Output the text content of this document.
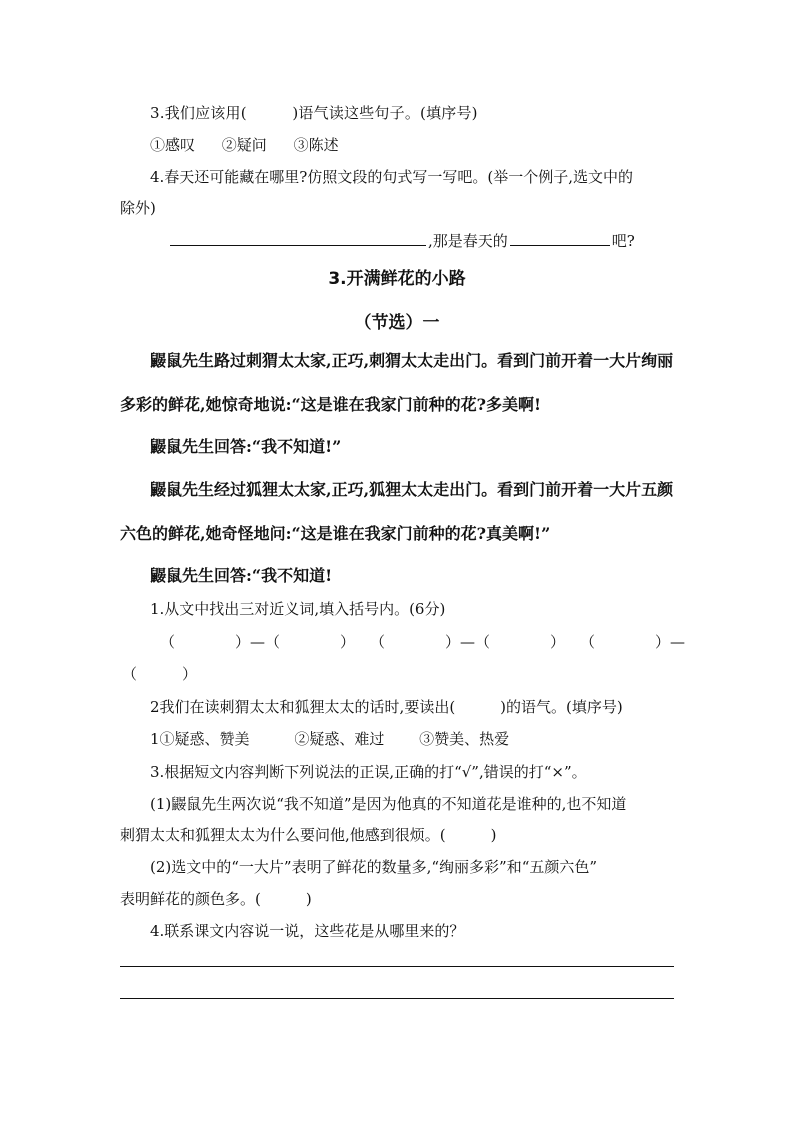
3.我们应该用(　　　)语气读这些句子。(填序号)
①感叹 ②疑问 ③陈述
4.春天还可能藏在哪里?仿照文段的句式写一写吧。(举一个例子,选文中的
除外)
,那是春天的	吧?
3.开满鲜花的小路
（节选）一
鼹鼠先生路过刺猬太太家,正巧,刺猬太太走出门。看到门前开着一大片绚丽
多彩的鲜花,她惊奇地说:“这是谁在我家门前种的花?多美啊!
鼹鼠先生回答:“我不知道!”
鼹鼠先生经过狐狸太太家,正巧,狐狸太太走出门。看到门前开着一大片五颜
六色的鲜花,她奇怪地问:“这是谁在我家门前种的花?真美啊!”
鼹鼠先生回答:“我不知道!
1.从文中找出三对近义词,填入括号内。(6分)
（　　　　）—（　　　　）　　（　　　　）—（　　　　）　　（　　　　）—
（　　　）
2我们在读刺猬太太和狐狸太太的话时,要读出(　　　)的语气。(填序号)
1①疑惑、赞美	②疑惑、难过 ③赞美、热爱
3.根据短文内容判断下列说法的正误,正确的打“√”,错误的打“×”。
(1)鼹鼠先生两次说“我不知道”是因为他真的不知道花是谁种的,也不知道
刺猬太太和狐狸太太为什么要问他,他感到很烦。(　　　)
(2)选文中的“一大片”表明了鲜花的数量多,“绚丽多彩”和“五颜六色”
表明鲜花的颜色多。(　　　)
4.联系课文内容说一说，这些花是从哪里来的？
